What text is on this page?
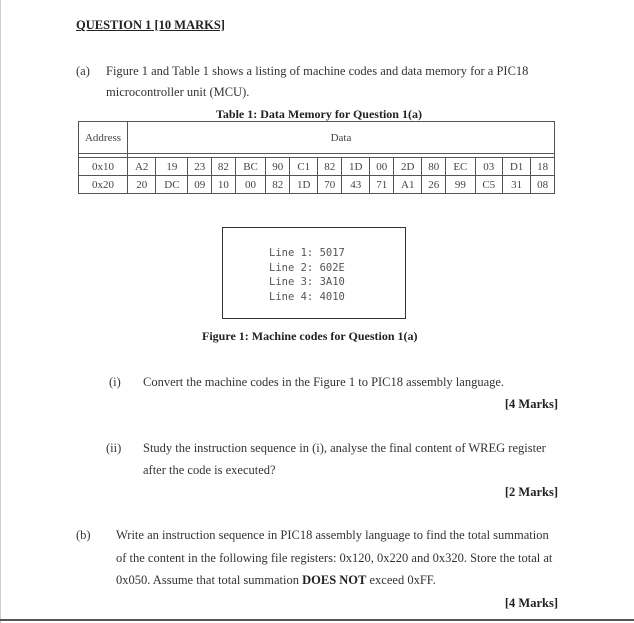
QUESTION 1 [10 MARKS]
(a) Figure 1 and Table 1 shows a listing of machine codes and data memory for a PIC18
microcontroller unit (MCU).
Table 1: Data Memory for Question 1(a)
Address	Data															

0x10	A2	19	23	82	BC	90	C1	82	1D	00	2D	80	EC	03	D1	18
0x20	20	DC	09	10	00	82	1D	70	43	71	A1	26	99	C5	31	08
Line 1: 5017
Line 2: 602E
Line 3: 3A10
Line 4: 4010
Figure 1: Machine codes for Question 1(a)
(i) Convert the machine codes in the Figure 1 to PIC18 assembly language.
[4 Marks]
(ii) Study the instruction sequence in (i), analyse the final content of WREG register
after the code is executed?
[2 Marks]
(b) Write an instruction sequence in PIC18 assembly language to find the total summation
of the content in the following file registers: 0x120, 0x220 and 0x320. Store the total at
0x050. Assume that total summation DOES NOT exceed 0xFF.
[4 Marks]
